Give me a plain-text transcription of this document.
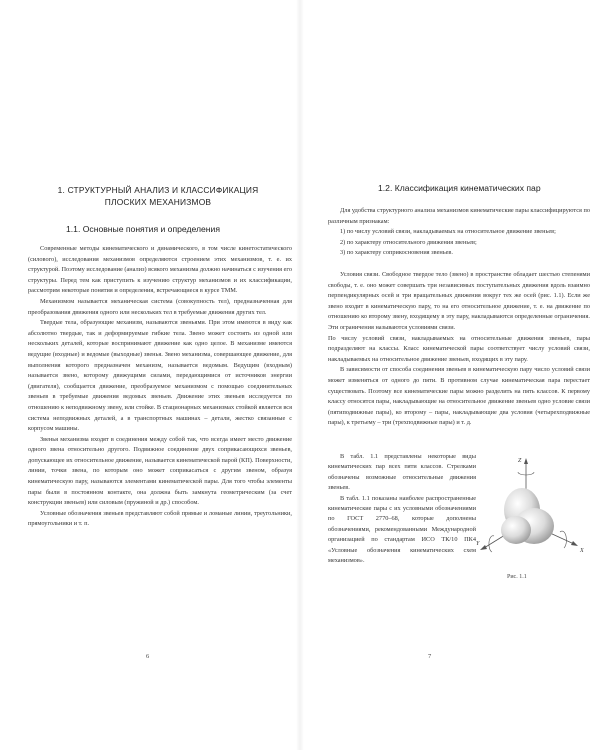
1. СТРУКТУРНЫЙ АНАЛИЗ И КЛАССИФИКАЦИЯ
ПЛОСКИХ МЕХАНИЗМОВ
1.1. Основные понятия и определения

Современные методы кинематического и динамического, в том числе кинетостатического (силового), исследования механизмов определяются строением этих механизмов, т. е. их структурой. Поэтому исследование (анализ) всякого механизма должно начинаться с изучения его структуры. Перед тем как приступить к изучению структур механизмов и их классификации, рассмотрим некоторые понятия и определения, встречающиеся в курсе ТММ.

Механизмом называется механическая система (совокупность тел), предназначенная для преобразования движения одного или нескольких тел в требуемые движения других тел.

Твердые тела, образующие механизм, называются звеньями. При этом имеются в виду как абсолютно твердые, так и деформируемые гибкие тела. Звено может состоять из одной или нескольких деталей, которые воспринимают движение как одно целое. В механизме имеются ведущие (входные) и ведомые (выходные) звенья. Звено механизма, совершающее движение, для выполнения которого предназначен механизм, называется ведомым. Ведущим (входным) называется звено, которому движущими силами, передающимися от источников энергии (двигателя), сообщается движение, преобразуемое механизмом с помощью соединительных звеньев в требуемые движения ведомых звеньев. Движение этих звеньев исследуется по отношению к неподвижному звену, или стойке. В стационарных механизмах стойкой является вся система неподвижных деталей, а в транспортных машинах – детали, жестко связанные с корпусом машины.

Звенья механизма входят в соединения между собой так, что всегда имеет место движение одного звена относительно другого. Подвижное соединение двух соприкасающихся звеньев, допускающее их относительное движение, называется кинематической парой (КП). Поверхности, линии, точки звена, по которым оно может соприкасаться с другим звеном, образуя кинематическую пару, называются элементами кинематической пары. Для того чтобы элементы пары были в постоянном контакте, она должна быть замкнута геометрическим (за счет конструкции звеньев) или силовым (пружиной и др.) способом.

Условные обозначения звеньев представляют собой прямые и ломаные линии, треугольники, прямоугольники и т. п.

6
1.2. Классификация кинематических пар

Для удобства структурного анализа механизмов кинематические пары классифицируются по различным признакам:

1) по числу условий связи, накладываемых на относительное движение звеньев;

2) по характеру относительного движения звеньев;

3) по характеру соприкосновения звеньев.

Условия связи. Свободное твердое тело (звено) в пространстве обладает шестью степенями свободы, т. е. оно может совершать три независимых поступательных движения вдоль взаимно перпендикулярных осей и три вращательных движения вокруг тех же осей (рис. 1.1). Если же звено входит в кинематическую пару, то на его относительное движение, т. е. на движение по отношению ко второму звену, входящему в эту пару, накладываются определенные ограничения. Эти ограничения называются условиями связи.

По числу условий связи, накладываемых на относительные движения звеньев, пары подразделяют на классы. Класс кинематической пары соответствует числу условий связи, накладываемых на относительное движение звеньев, входящих в эту пару.

В зависимости от способа соединения звеньев в кинематическую пару число условий связи может изменяться от одного до пяти. В противном случае кинематическая пара перестает существовать. Поэтому все кинематические пары можно разделить на пять классов. К первому классу относятся пары, накладывающие на относительное движение звеньев одно условие связи (пятиподвижные пары), ко второму – пары, накладывающие два условия (четырехподвижные пары), к третьему – три (трехподвижные пары) и т. д.

В табл. 1.1 представлены некоторые виды кинематических пар всех пяти классов. Стрелками обозначены возможные относительные движения звеньев.

В табл. 1.1 показаны наиболее распространенные кинематические пары с их условными обозначениями по ГОСТ 2770–68, которые дополнены обозначениями, рекомендованными Международной организацией по стандартам ИСО ТК/10 ПК4 «Условные обозначения кинематических схем механизмов».

Z
X
Y
Рис. 1.1
7
